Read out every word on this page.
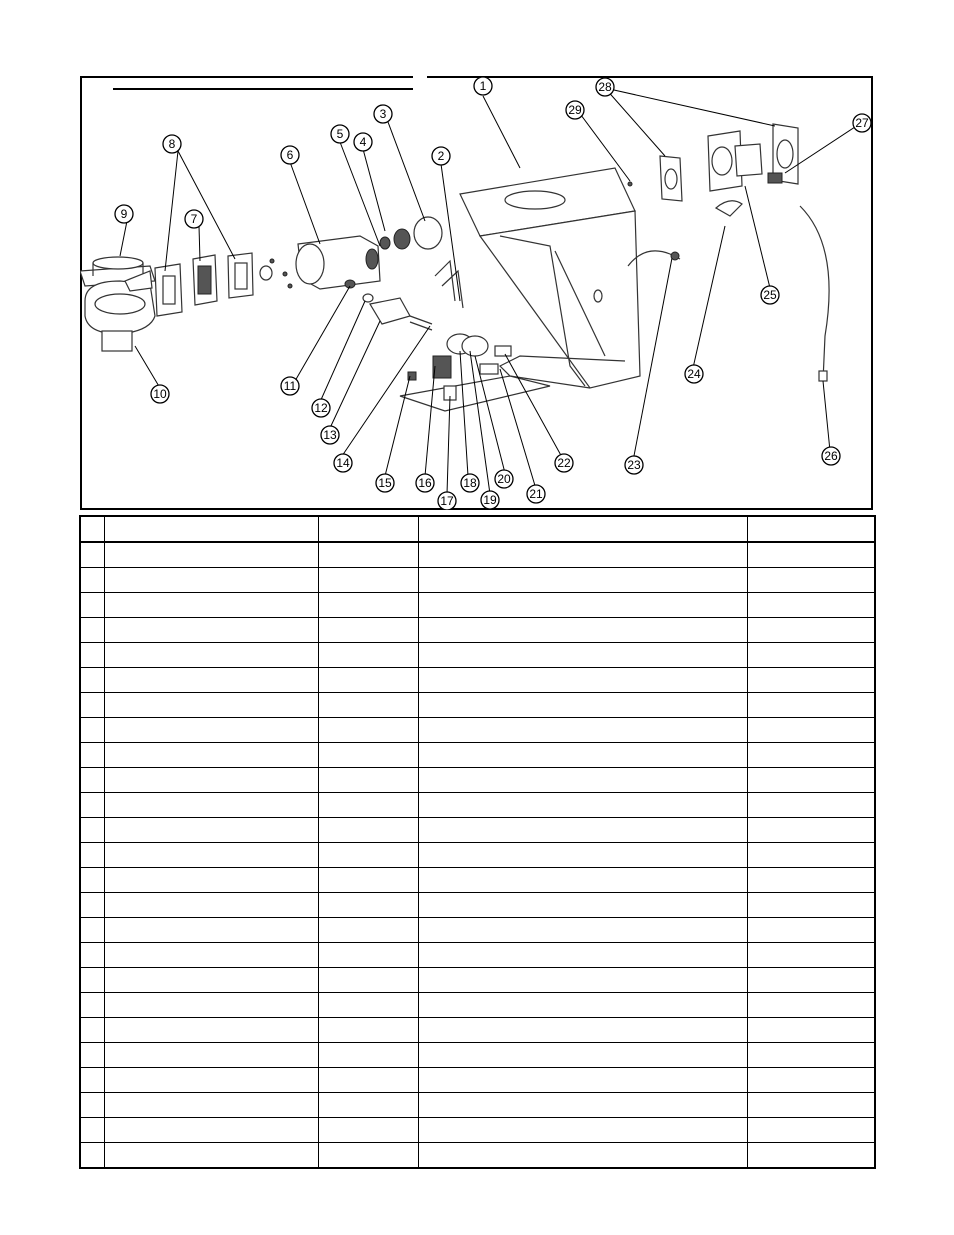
1
2
3
4
5
6
7
8
9
10
11
12
13
14
15 16
17
18
19
20
21
22	23
24
25
26
27
28
29
